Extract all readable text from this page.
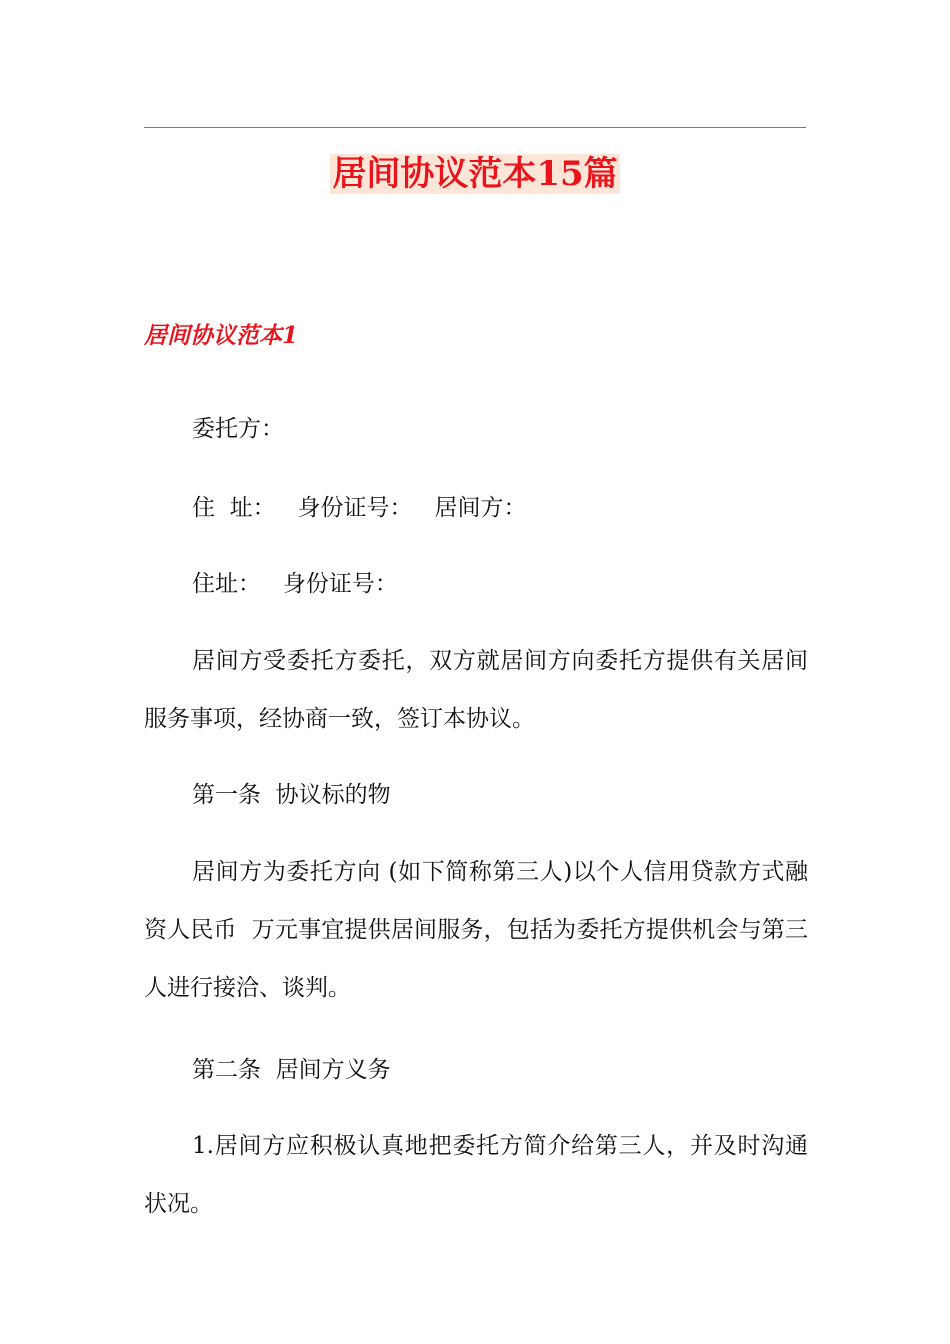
居间协议范本15篇
居间协议范本1

委托方：

住  址：   身份证号：   居间方：

住址：   身份证号：

居间方受委托方委托，双方就居间方向委托方提供有关居间服务事项，经协商一致，签订本协议。

第一条  协议标的物

居间方为委托方向 (如下简称第三人)以个人信用贷款方式融资人民币  万元事宜提供居间服务，包括为委托方提供机会与第三人进行接洽、谈判。

第二条  居间方义务

1.居间方应积极认真地把委托方简介给第三人，并及时沟通状况。
